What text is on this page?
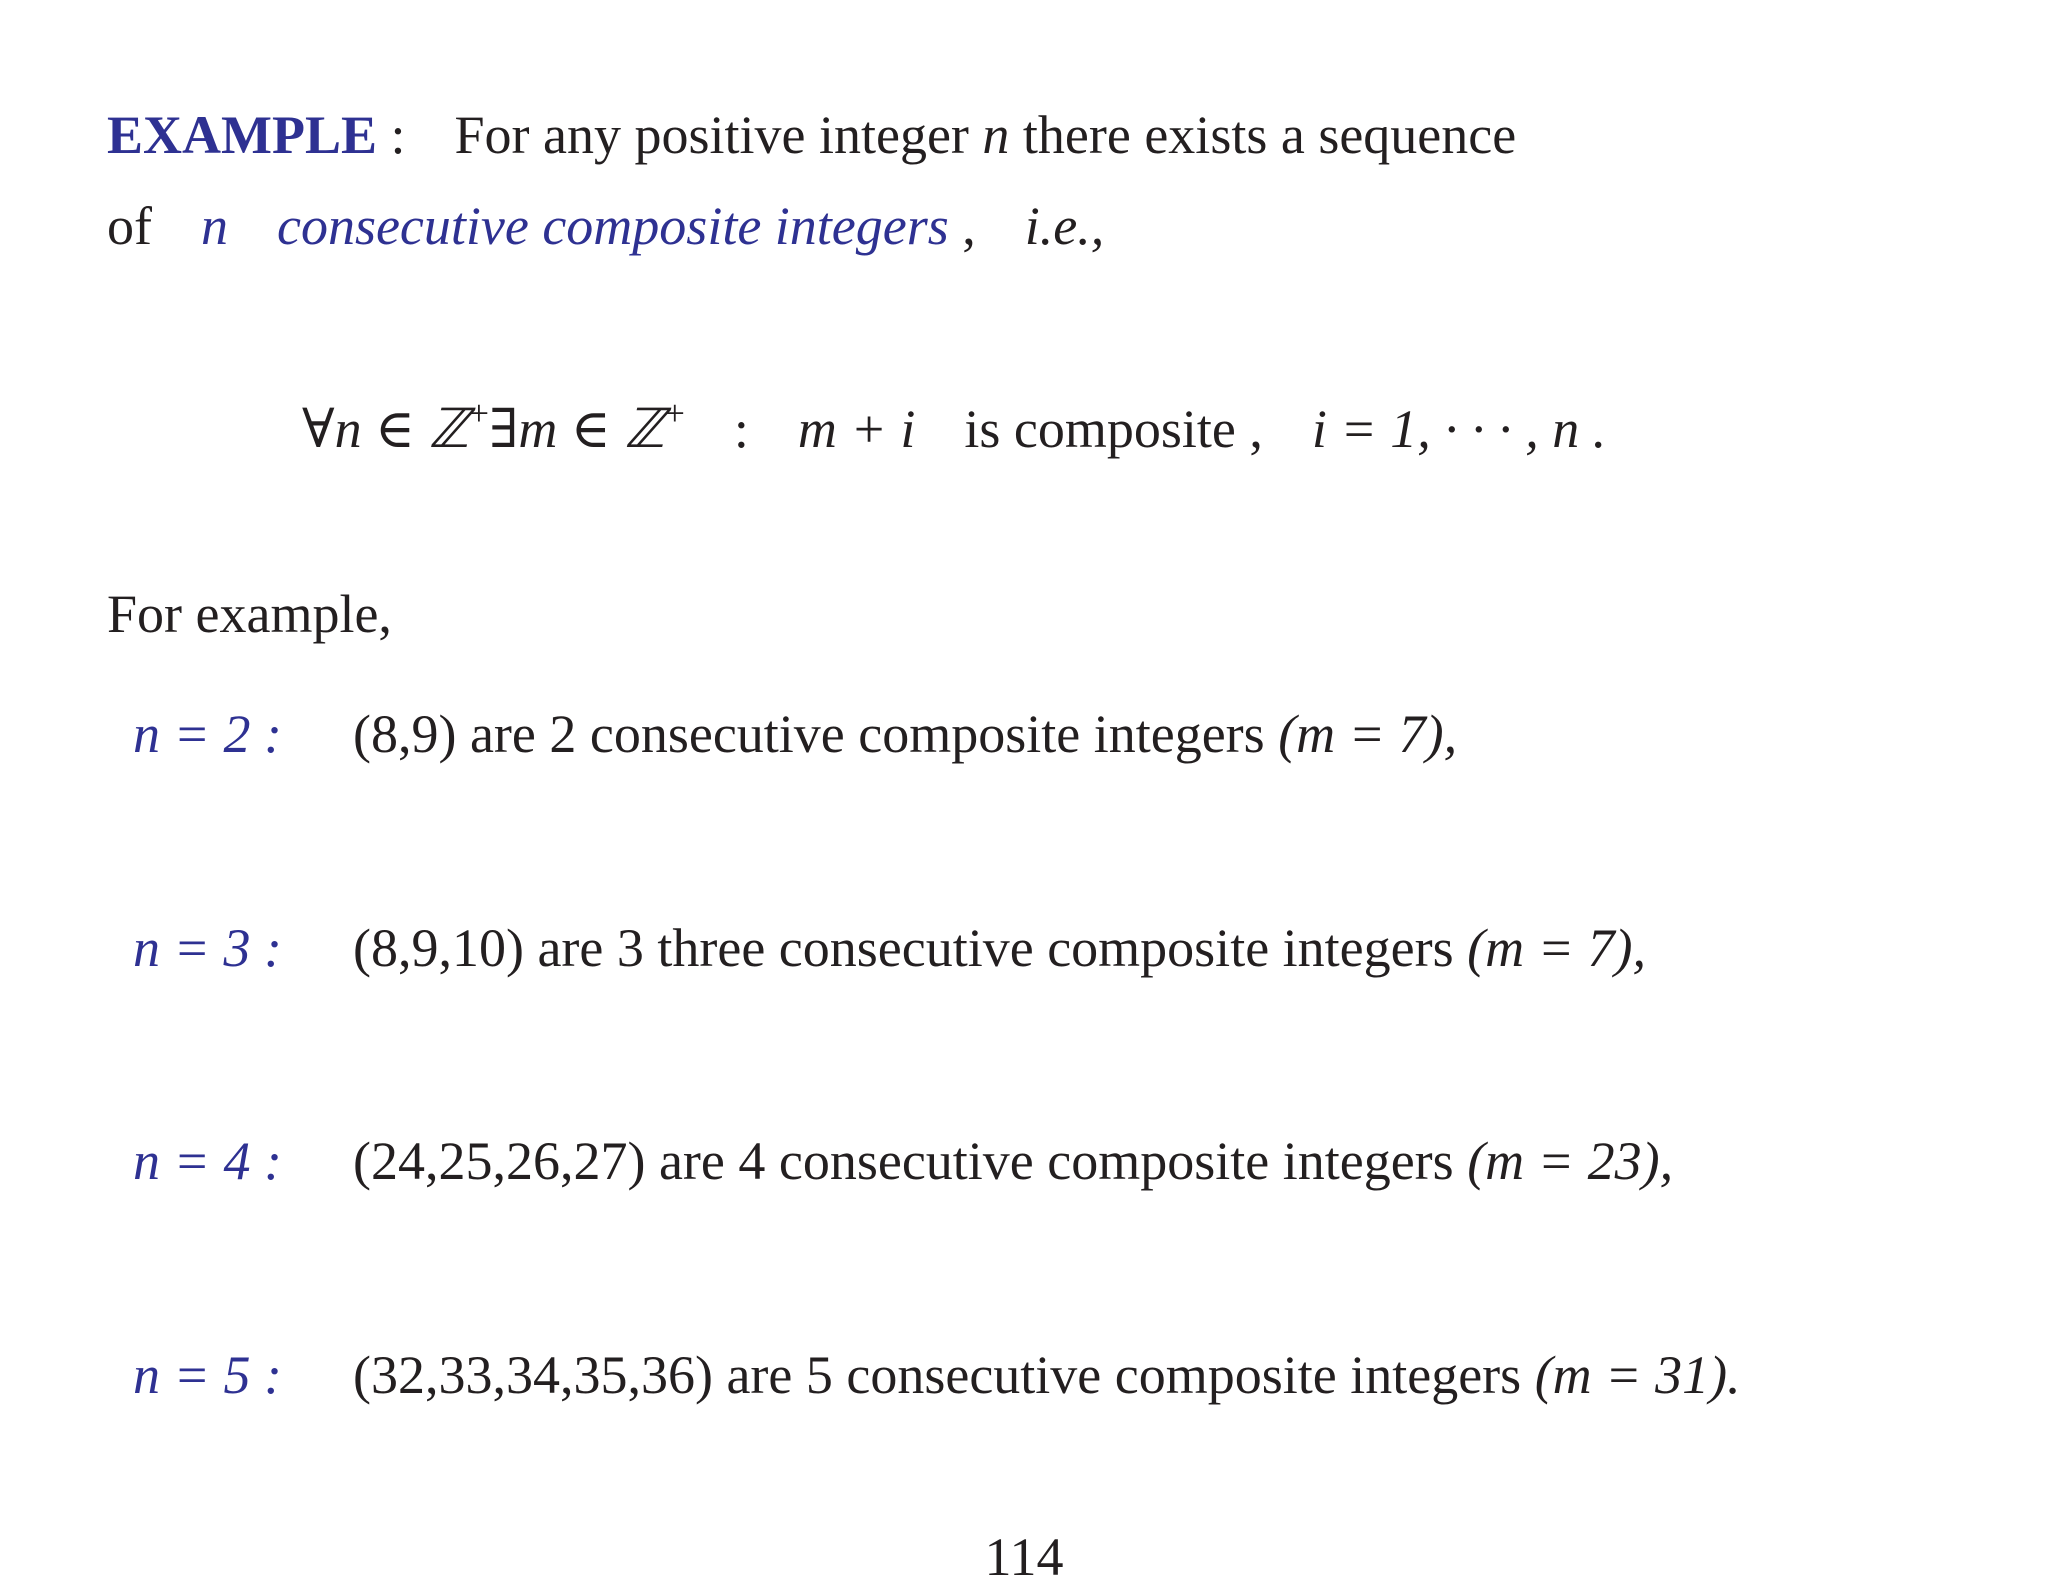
EXAMPLE : For any positive integer n there exists a sequence
of n consecutive composite integers , i.e.,
∀n ∈ ℤ+∃m ∈ ℤ+ : m + i is composite , i = 1, · · · , n .
For example,
n = 2 : (8,9) are 2 consecutive composite integers (m = 7),
n = 3 : (8,9,10) are 3 three consecutive composite integers (m = 7),
n = 4 : (24,25,26,27) are 4 consecutive composite integers (m = 23),
n = 5 : (32,33,34,35,36) are 5 consecutive composite integers (m = 31).
114
